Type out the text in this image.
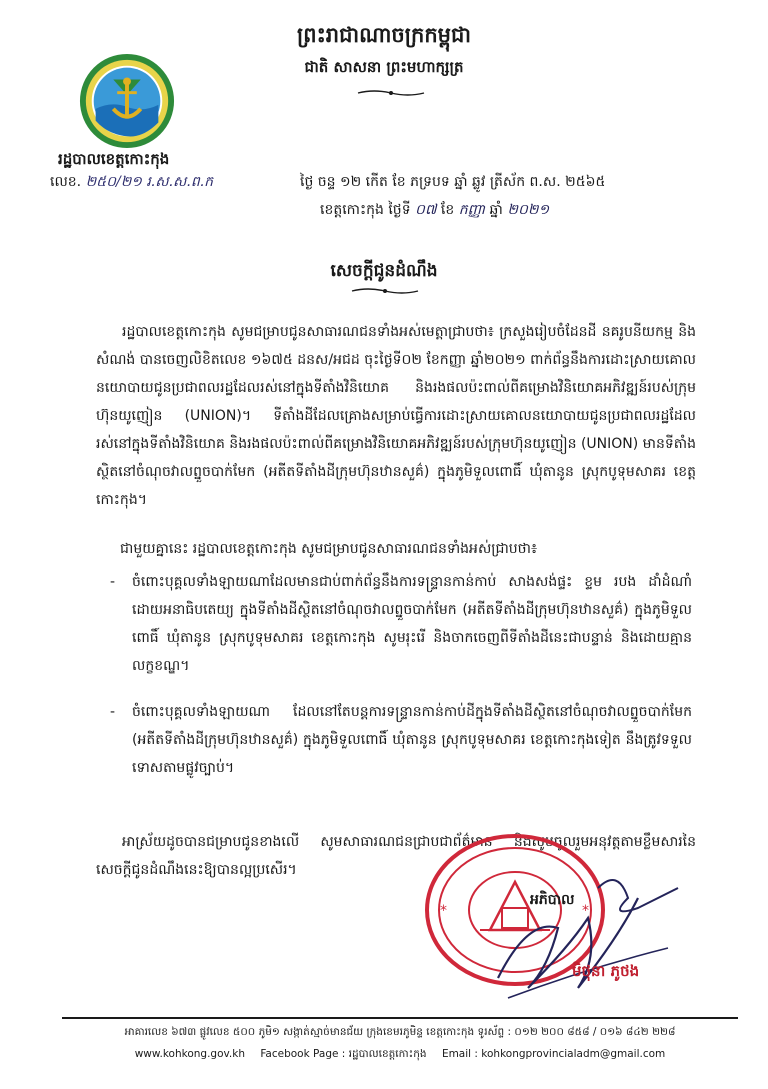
ព្រះរាជាណាចក្រកម្ពុជា
ជាតិ សាសនា ព្រះមហាក្សត្រ
រដ្ឋបាលខេត្តកោះកុង
លេខ. ២៥០/២១ រ.ស.ស.ព.ក	ថ្ងៃ ចន្ទ ១២ កើត ខែ ភទ្របទ ឆ្នាំ ឆ្លូវ ត្រីស័ក ព.ស. ២៥៦៥
ខេត្តកោះកុង ថ្ងៃទី ០៧ ខែ កញ្ញា ឆ្នាំ ២០២១
សេចក្តីជូនដំណឹង
រដ្ឋបាលខេត្តកោះកុង សូមជម្រាបជូនសាធារណជនទាំងអស់មេត្តាជ្រាបថា៖ ក្រសួងរៀបចំដែនដី នគរូបនីយកម្ម និងសំណង់ បានចេញលិខិតលេខ ១៦៧៥ ដនស/អជដ ចុះថ្ងៃទី០២ ខែកញ្ញា ឆ្នាំ២០២១ ពាក់ព័ន្ធនឹងការដោះស្រាយគោលនយោបាយជូនប្រជាពលរដ្ឋដែលរស់នៅក្នុងទីតាំងវិនិយោគ និងរងផលប៉ះពាល់ពីគម្រោងវិនិយោគអភិវឌ្ឍន៍របស់ក្រុមហ៊ុនយូញៀន (UNION)។ ទីតាំងដីដែលគ្រោងសម្រាប់ធ្វើការដោះស្រាយគោលនយោបាយជូនប្រជាពលរដ្ឋដែលរស់នៅក្នុងទីតាំងវិនិយោគ និងរងផលប៉ះពាល់ពីគម្រោងវិនិយោគអភិវឌ្ឍន៍របស់ក្រុមហ៊ុនយូញៀន (UNION) មានទីតាំងស្ថិតនៅចំណុចវាលព្នួចបាក់មែក (អតីតទីតាំងដីក្រុមហ៊ុនឋានសួគ៌) ក្នុងភូមិទួលពោធិ៍ ឃុំតានូន ស្រុកបូទុមសាគរ ខេត្តកោះកុង។
ជាមួយគ្នានេះ រដ្ឋបាលខេត្តកោះកុង សូមជម្រាបជូនសាធារណជនទាំងអស់ជ្រាបថា៖
- ចំពោះបុគ្គលទាំងឡាយណាដែលមានជាប់ពាក់ព័ន្ធនឹងការទន្ទ្រានកាន់កាប់ សាងសង់ផ្ទះ ខ្ទម របង ដាំដំណាំដោយអនាធិបតេយ្យ ក្នុងទីតាំងដីស្ថិតនៅចំណុចវាលព្នួចបាក់មែក (អតីតទីតាំងដីក្រុមហ៊ុនឋានសួគ៌) ក្នុងភូមិទួលពោធិ៍ ឃុំតានូន ស្រុកបូទុមសាគរ ខេត្តកោះកុង សូមរុះរើ និងចាកចេញពីទីតាំងដីនេះជាបន្ទាន់ និងដោយគ្មានលក្ខខណ្ឌ។
- ចំពោះបុគ្គលទាំងឡាយណា ដែលនៅតែបន្តការទន្ទ្រានកាន់កាប់ដីក្នុងទីតាំងដីស្ថិតនៅចំណុចវាលព្នួចបាក់មែក (អតីតទីតាំងដីក្រុមហ៊ុនឋានសួគ៌) ក្នុងភូមិទួលពោធិ៍ ឃុំតានូន ស្រុកបូទុមសាគរ ខេត្តកោះកុងទៀត នឹងត្រូវទទួលទោសតាមផ្លូវច្បាប់។
អាស្រ័យដូចបានជម្រាបជូនខាងលើ សូមសាធារណជនជ្រាបជាព័ត៌មាន និងសូមចូលរួមអនុវត្តតាមខ្លឹមសារនៃសេចក្តីជូនដំណឹងនេះឱ្យបានល្អប្រសើរ។
*	*
អភិបាល
មិថុនា ភូថង
អាគារលេខ ៦៧៣ ផ្លូវលេខ ៥០០ ភូមិ១ សង្កាត់ស្មាច់មានជ័យ ក្រុងខេមរភូមិន្ទ ខេត្តកោះកុង ទូរស័ព្ទ : ០១២ ២០០ ៨៥៨ / ០១៦ ៨៤២ ២២៨
www.kohkong.gov.kh Facebook Page : រដ្ឋបាលខេត្តកោះកុង Email : kohkongprovincialadm@gmail.com
